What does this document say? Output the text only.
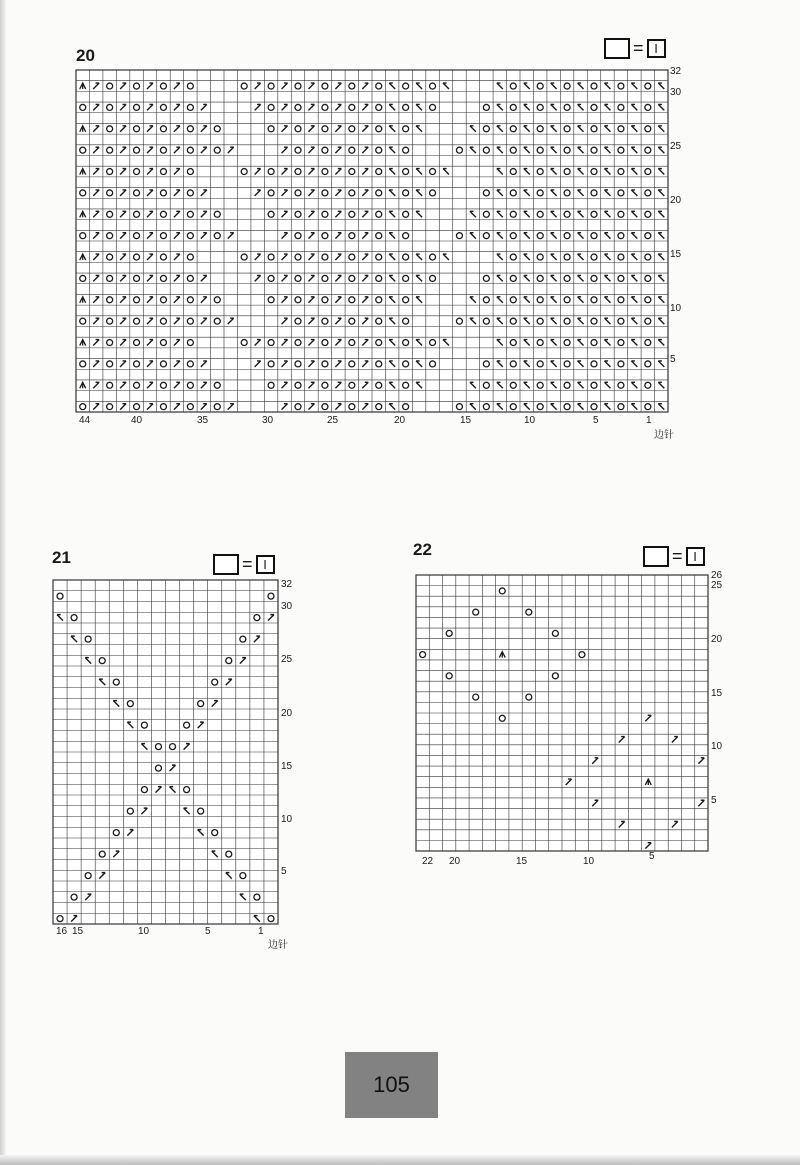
20	= I
32
30
25
20
15
10
5
44	40	35	30	25	20	15	10	5	1
边针
21	= I
32
30
25
20
15
10
5
16 15	10	5	1
边针
22	= I
26
25
20
15
10
5
22 20	15	10	5
105
